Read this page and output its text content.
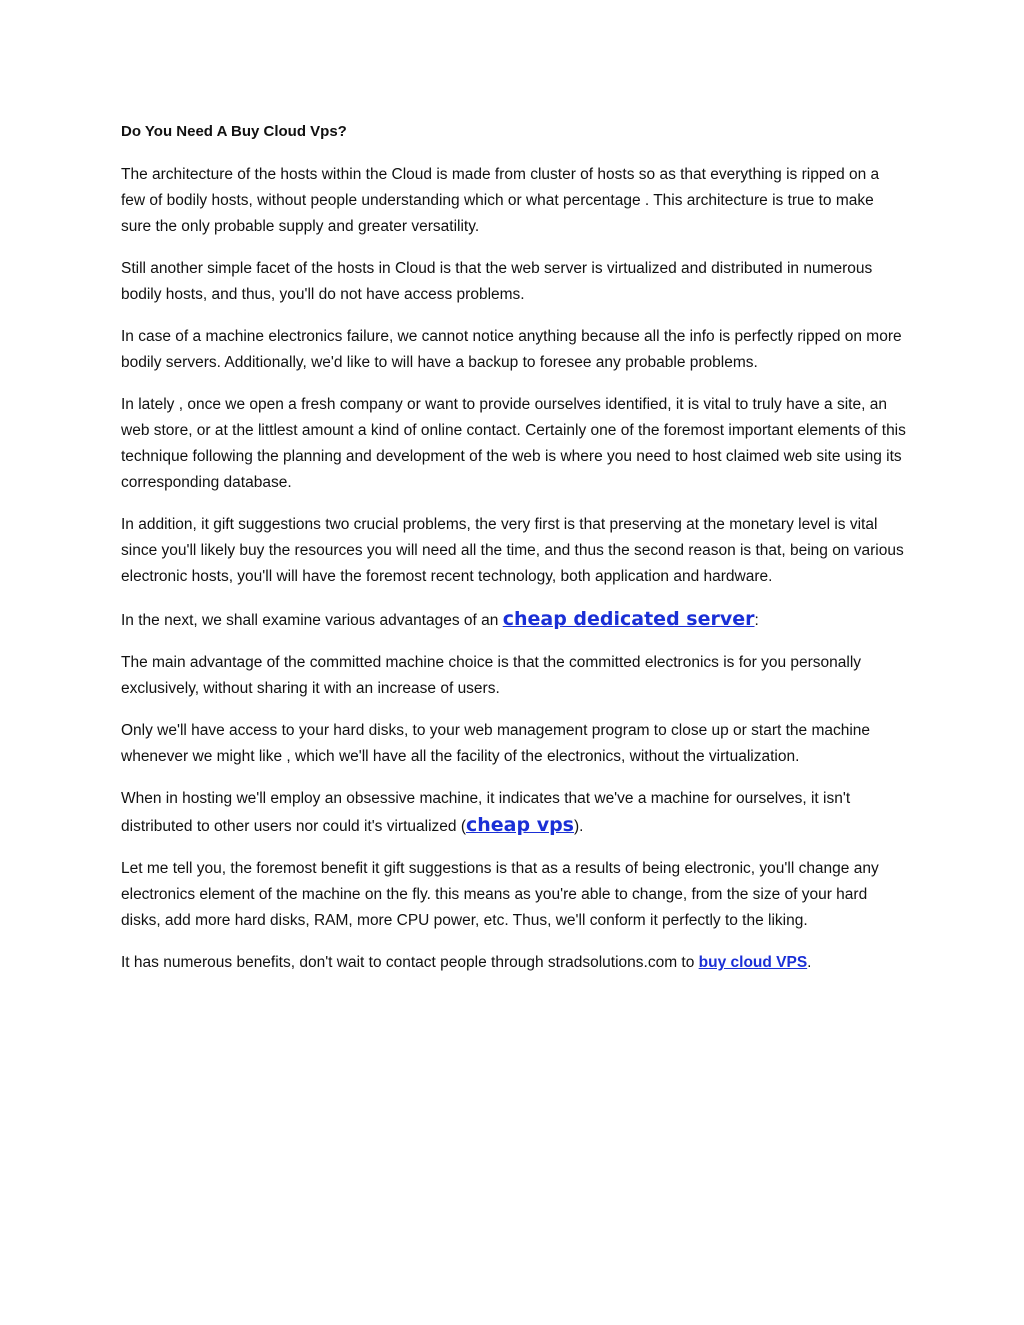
Do You Need A Buy Cloud Vps?

The architecture of the hosts within the Cloud is made from cluster of hosts so as that everything is ripped on a few of bodily hosts, without people understanding which or what percentage . This architecture is true to make sure the only probable supply and greater versatility.

Still another simple facet of the hosts in Cloud is that the web server is virtualized and distributed in numerous bodily hosts, and thus, you'll do not have access problems.

In case of a machine electronics failure, we cannot notice anything because all the info is perfectly ripped on more bodily servers. Additionally, we'd like to will have a backup to foresee any probable problems.

In lately , once we open a fresh company or want to provide ourselves identified, it is vital to truly have a site, an web store, or at the littlest amount a kind of online contact. Certainly one of the foremost important elements of this technique following the planning and development of the web is where you need to host claimed web site using its corresponding database.

In addition, it gift suggestions two crucial problems, the very first is that preserving at the monetary level is vital since you'll likely buy the resources you will need all the time, and thus the second reason is that, being on various electronic hosts, you'll will have the foremost recent technology, both application and hardware.

In the next, we shall examine various advantages of an cheap dedicated server:

The main advantage of the committed machine choice is that the committed electronics is for you personally exclusively, without sharing it with an increase of users.

Only we'll have access to your hard disks, to your web management program to close up or start the machine whenever we might like , which we'll have all the facility of the electronics, without the virtualization.

When in hosting we'll employ an obsessive machine, it indicates that we've a machine for ourselves, it isn't distributed to other users nor could it's virtualized (cheap vps).

Let me tell you, the foremost benefit it gift suggestions is that as a results of being electronic, you'll change any electronics element of the machine on the fly. this means as you're able to change, from the size of your hard disks, add more hard disks, RAM, more CPU power, etc. Thus, we'll conform it perfectly to the liking.

It has numerous benefits, don't wait to contact people through stradsolutions.com to buy cloud VPS.
